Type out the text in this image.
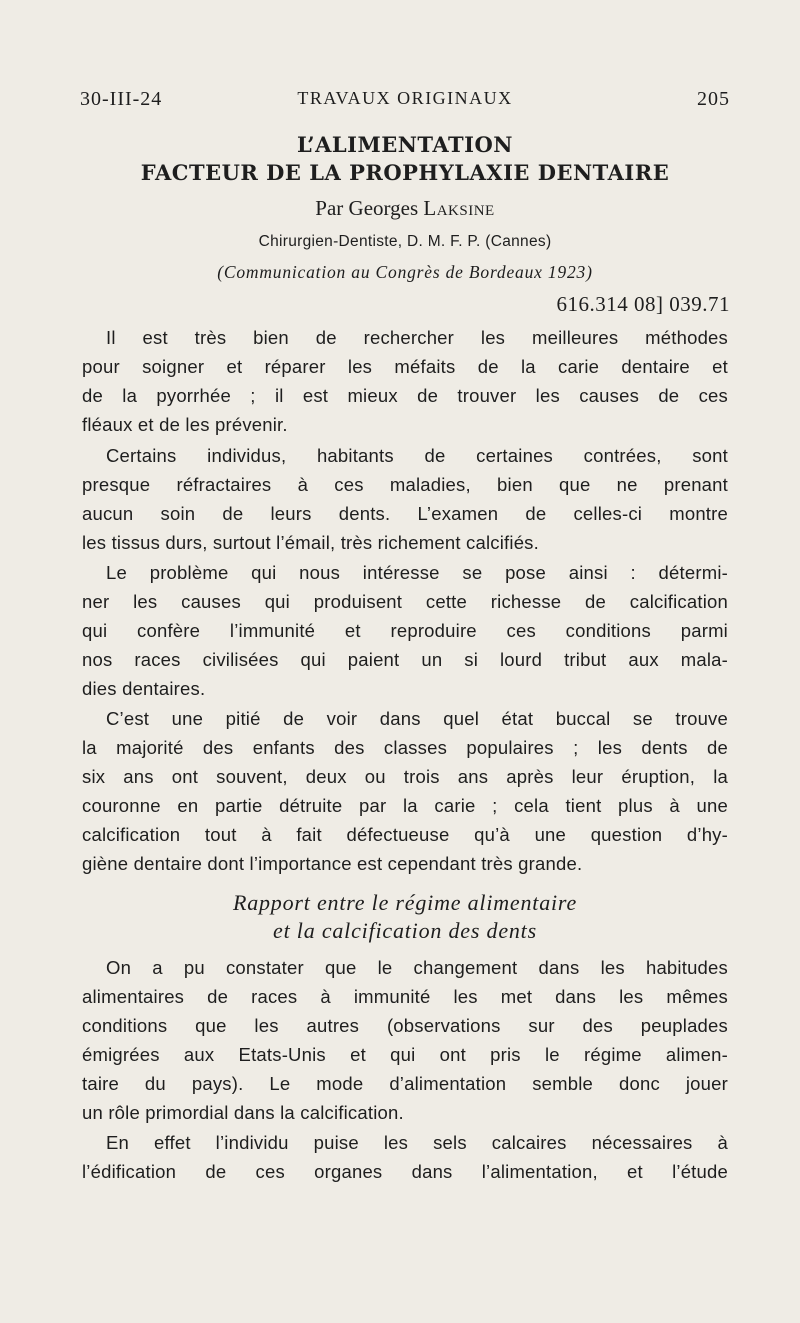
30-III-24	TRAVAUX ORIGINAUX	205
L’ALIMENTATION
FACTEUR DE LA PROPHYLAXIE DENTAIRE
Par Georges Laksine
Chirurgien-Dentiste, D. M. F. P. (Cannes)
(Communication au Congrès de Bordeaux 1923)
616.314 08] 039.71
Il est très bien de rechercher les meilleures méthodes
pour soigner et réparer les méfaits de la carie dentaire et
de la pyorrhée ; il est mieux de trouver les causes de ces
fléaux et de les prévenir.
Certains individus, habitants de certaines contrées, sont
presque réfractaires à ces maladies, bien que ne prenant
aucun soin de leurs dents. L’examen de celles-ci montre
les tissus durs, surtout l’émail, très richement calcifiés.
Le problème qui nous intéresse se pose ainsi : détermi-
ner les causes qui produisent cette richesse de calcification
qui confère l’immunité et reproduire ces conditions parmi
nos races civilisées qui paient un si lourd tribut aux mala-
dies dentaires.
C’est une pitié de voir dans quel état buccal se trouve
la majorité des enfants des classes populaires ; les dents de
six ans ont souvent, deux ou trois ans après leur éruption, la
couronne en partie détruite par la carie ; cela tient plus à une
calcification tout à fait défectueuse qu’à une question d’hy-
giène dentaire dont l’importance est cependant très grande.
Rapport entre le régime alimentaire
et la calcification des dents
On a pu constater que le changement dans les habitudes
alimentaires de races à immunité les met dans les mêmes
conditions que les autres (observations sur des peuplades
émigrées aux Etats-Unis et qui ont pris le régime alimen-
taire du pays). Le mode d’alimentation semble donc jouer
un rôle primordial dans la calcification.
En effet l’individu puise les sels calcaires nécessaires à
l’édification de ces organes dans l’alimentation, et l’étude
